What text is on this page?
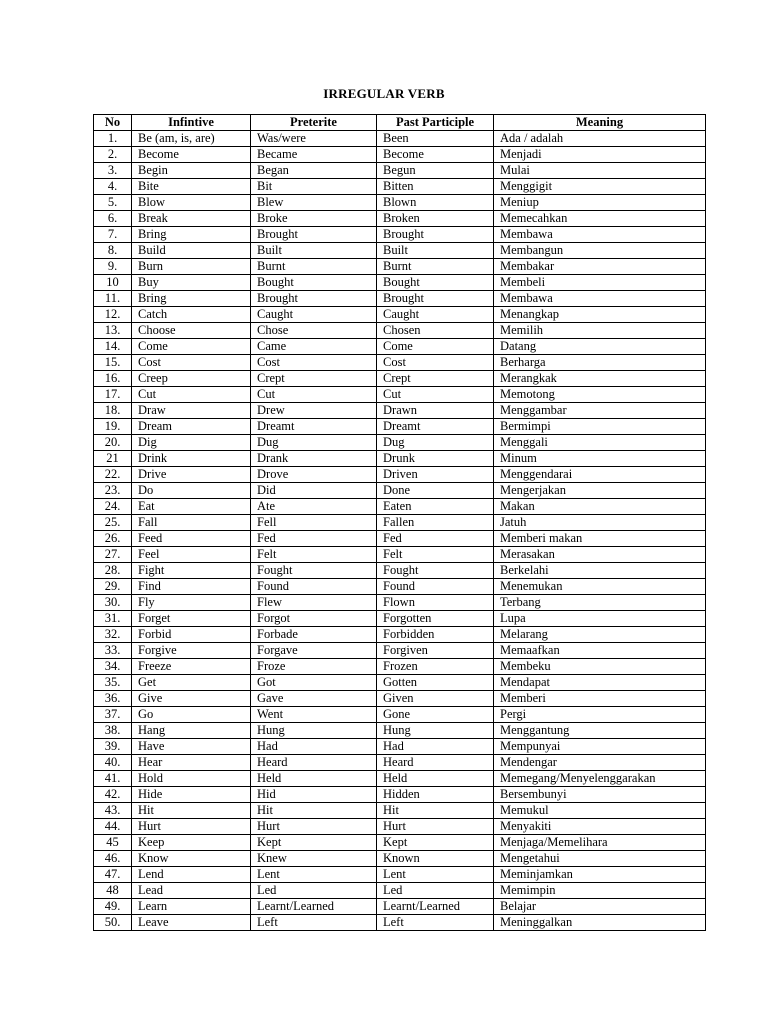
IRREGULAR VERB
No	Infintive	Preterite	Past Participle	Meaning
1.	Be (am, is, are)	Was/were	Been	Ada / adalah
2.	Become	Became	Become	Menjadi
3.	Begin	Began	Begun	Mulai
4.	Bite	Bit	Bitten	Menggigit
5.	Blow	Blew	Blown	Meniup
6.	Break	Broke	Broken	Memecahkan
7.	Bring	Brought	Brought	Membawa
8.	Build	Built	Built	Membangun
9.	Burn	Burnt	Burnt	Membakar
10	Buy	Bought	Bought	Membeli
11.	Bring	Brought	Brought	Membawa
12.	Catch	Caught	Caught	Menangkap
13.	Choose	Chose	Chosen	Memilih
14.	Come	Came	Come	Datang
15.	Cost	Cost	Cost	Berharga
16.	Creep	Crept	Crept	Merangkak
17.	Cut	Cut	Cut	Memotong
18.	Draw	Drew	Drawn	Menggambar
19.	Dream	Dreamt	Dreamt	Bermimpi
20.	Dig	Dug	Dug	Menggali
21	Drink	Drank	Drunk	Minum
22.	Drive	Drove	Driven	Menggendarai
23.	Do	Did	Done	Mengerjakan
24.	Eat	Ate	Eaten	Makan
25.	Fall	Fell	Fallen	Jatuh
26.	Feed	Fed	Fed	Memberi makan
27.	Feel	Felt	Felt	Merasakan
28.	Fight	Fought	Fought	Berkelahi
29.	Find	Found	Found	Menemukan
30.	Fly	Flew	Flown	Terbang
31.	Forget	Forgot	Forgotten	Lupa
32.	Forbid	Forbade	Forbidden	Melarang
33.	Forgive	Forgave	Forgiven	Memaafkan
34.	Freeze	Froze	Frozen	Membeku
35.	Get	Got	Gotten	Mendapat
36.	Give	Gave	Given	Memberi
37.	Go	Went	Gone	Pergi
38.	Hang	Hung	Hung	Menggantung
39.	Have	Had	Had	Mempunyai
40.	Hear	Heard	Heard	Mendengar
41.	Hold	Held	Held	Memegang/Menyelenggarakan
42.	Hide	Hid	Hidden	Bersembunyi
43.	Hit	Hit	Hit	Memukul
44.	Hurt	Hurt	Hurt	Menyakiti
45	Keep	Kept	Kept	Menjaga/Memelihara
46.	Know	Knew	Known	Mengetahui
47.	Lend	Lent	Lent	Meminjamkan
48	Lead	Led	Led	Memimpin
49.	Learn	Learnt/Learned	Learnt/Learned	Belajar
50.	Leave	Left	Left	Meninggalkan
